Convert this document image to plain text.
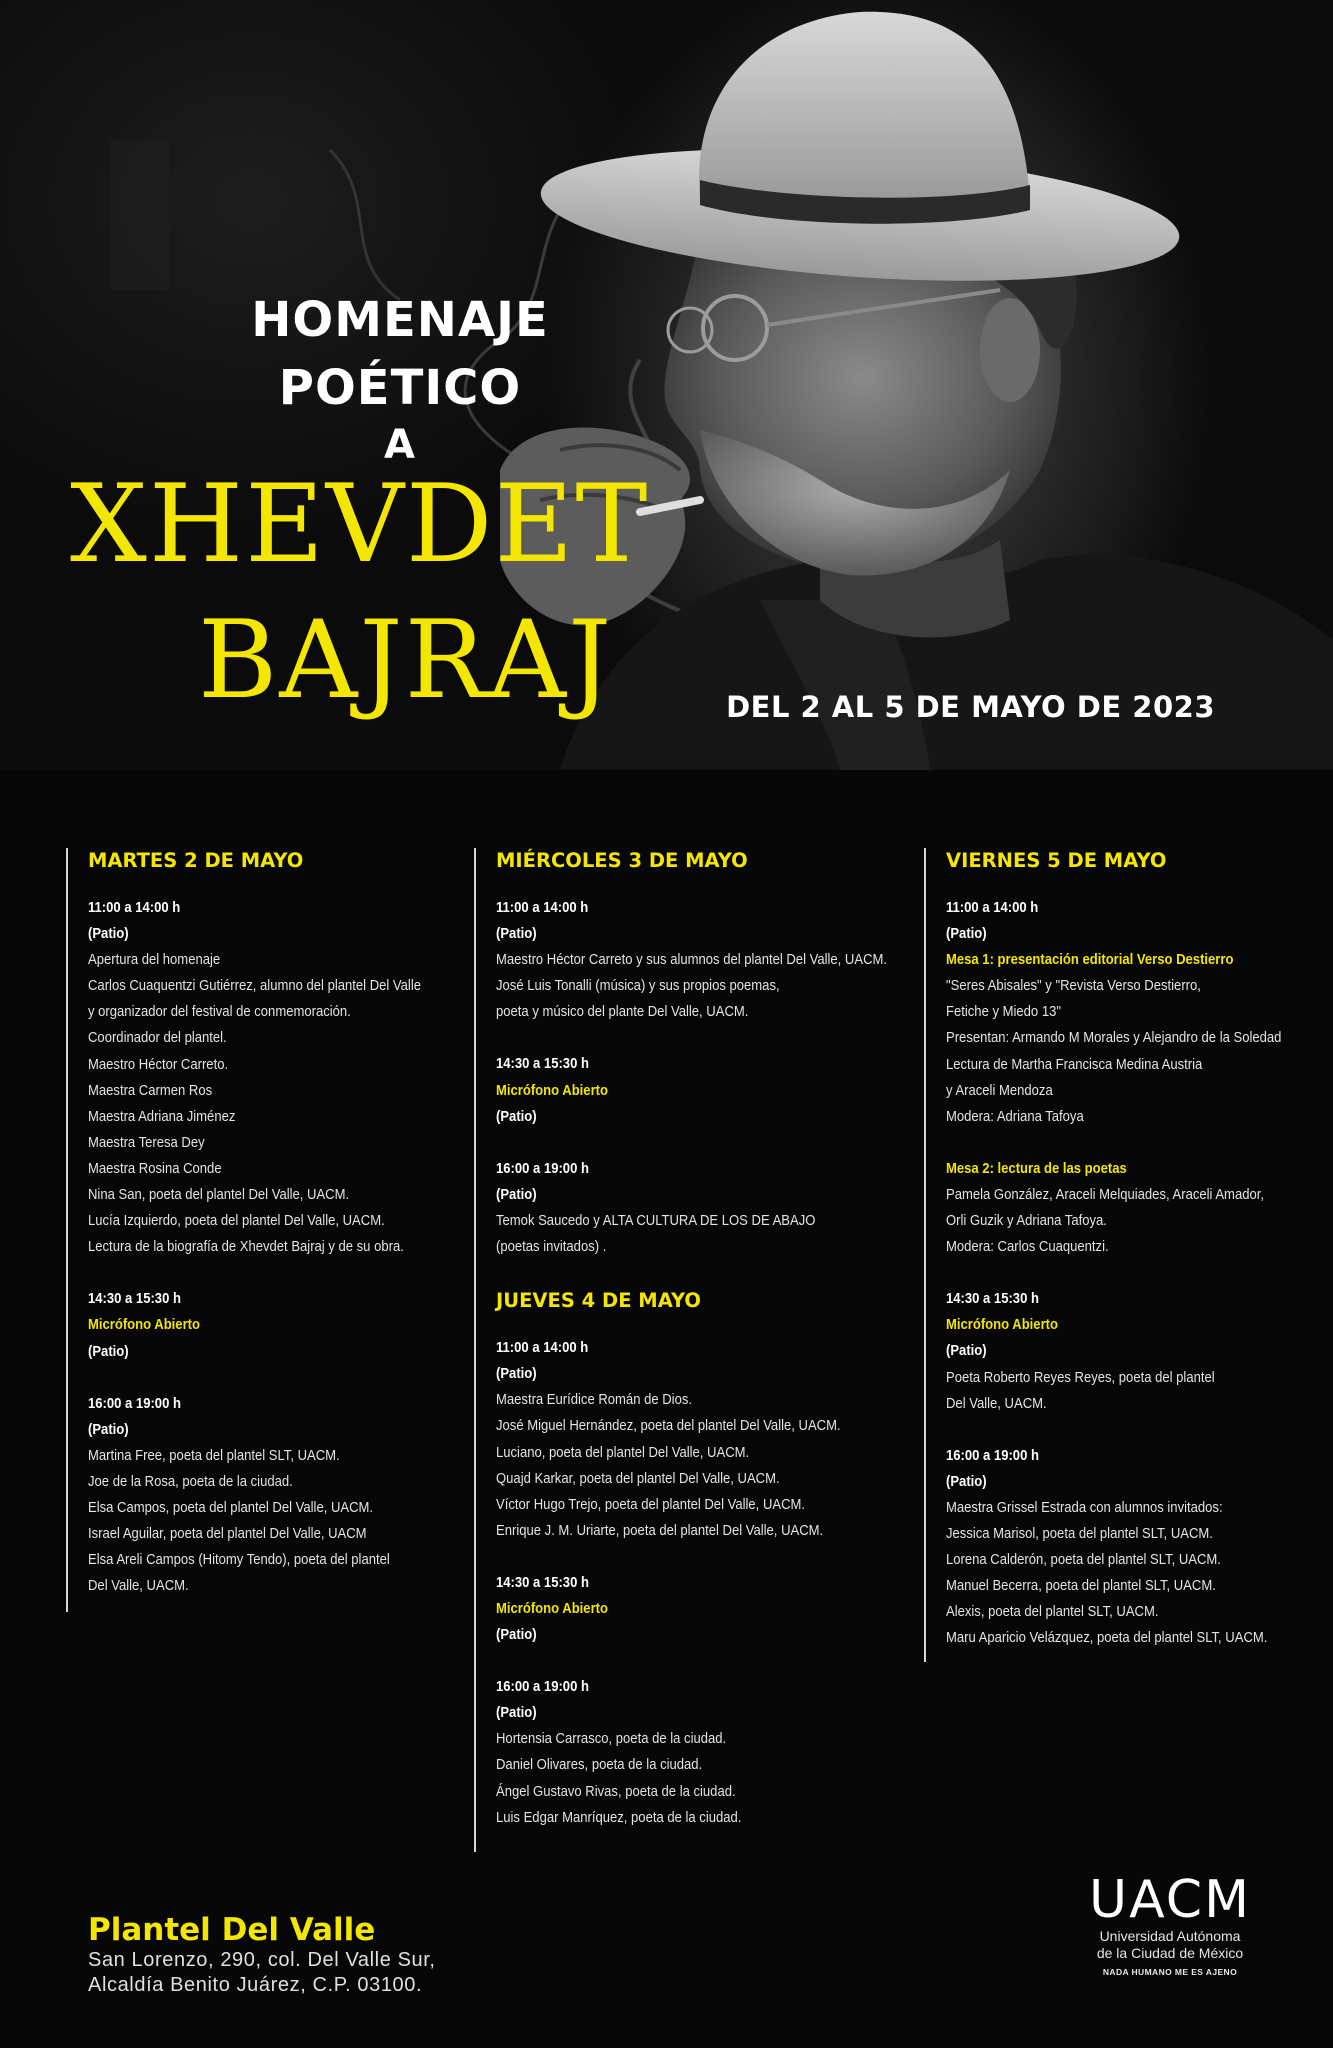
HOMENAJE
POÉTICO
A
XHEVDET
BAJRAJ	DEL 2 AL 5 DE MAYO DE 2023
MARTES 2 DE MAYO
11:00 a 14:00 h
(Patio)
Apertura del homenaje
Carlos Cuaquentzi Gutiérrez, alumno del plantel Del Valle
y organizador del festival de conmemoración.
Coordinador del plantel.
Maestro Héctor Carreto.
Maestra Carmen Ros
Maestra Adriana Jiménez
Maestra Teresa Dey
Maestra Rosina Conde
Nina San, poeta del plantel Del Valle, UACM.
Lucía Izquierdo, poeta del plantel Del Valle, UACM.
Lectura de la biografía de Xhevdet Bajraj y de su obra.
14:30 a 15:30 h
Micrófono Abierto
(Patio)
16:00 a 19:00 h
(Patio)
Martina Free, poeta del plantel SLT, UACM.
Joe de la Rosa, poeta de la ciudad.
Elsa Campos, poeta del plantel Del Valle, UACM.
Israel Aguilar, poeta del plantel Del Valle, UACM
Elsa Areli Campos (Hitomy Tendo), poeta del plantel
Del Valle, UACM.
MIÉRCOLES 3 DE MAYO
11:00 a 14:00 h
(Patio)
Maestro Héctor Carreto y sus alumnos del plantel Del Valle, UACM.
José Luis Tonalli (música) y sus propios poemas,
poeta y músico del plante Del Valle, UACM.
14:30 a 15:30 h
Micrófono Abierto
(Patio)
16:00 a 19:00 h
(Patio)
Temok Saucedo y ALTA CULTURA DE LOS DE ABAJO
(poetas invitados) .
JUEVES 4 DE MAYO
11:00 a 14:00 h
(Patio)
Maestra Eurídice Román de Dios.
José Miguel Hernández, poeta del plantel Del Valle, UACM.
Luciano, poeta del plantel Del Valle, UACM.
Quajd Karkar, poeta del plantel Del Valle, UACM.
Víctor Hugo Trejo, poeta del plantel Del Valle, UACM.
Enrique J. M. Uriarte, poeta del plantel Del Valle, UACM.
14:30 a 15:30 h
Micrófono Abierto
(Patio)
16:00 a 19:00 h
(Patio)
Hortensia Carrasco, poeta de la ciudad.
Daniel Olivares, poeta de la ciudad.
Ángel Gustavo Rivas, poeta de la ciudad.
Luis Edgar Manríquez, poeta de la ciudad.
VIERNES 5 DE MAYO
11:00 a 14:00 h
(Patio)
Mesa 1: presentación editorial Verso Destierro
"Seres Abisales" y "Revista Verso Destierro,
Fetiche y Miedo 13"
Presentan: Armando M Morales y Alejandro de la Soledad
Lectura de Martha Francisca Medina Austria
y Araceli Mendoza
Modera: Adriana Tafoya
Mesa 2: lectura de las poetas
Pamela González, Araceli Melquiades, Araceli Amador,
Orli Guzik y Adriana Tafoya.
Modera: Carlos Cuaquentzi.
14:30 a 15:30 h
Micrófono Abierto
(Patio)
Poeta Roberto Reyes Reyes, poeta del plantel
Del Valle, UACM.
16:00 a 19:00 h
(Patio)
Maestra Grissel Estrada con alumnos invitados:
Jessica Marisol, poeta del plantel SLT, UACM.
Lorena Calderón, poeta del plantel SLT, UACM.
Manuel Becerra, poeta del plantel SLT, UACM.
Alexis, poeta del plantel SLT, UACM.
Maru Aparicio Velázquez, poeta del plantel SLT, UACM.
Plantel Del Valle
San Lorenzo, 290, col. Del Valle Sur,
Alcaldía Benito Juárez, C.P. 03100.
UACM
Universidad Autónoma
de la Ciudad de México
NADA HUMANO ME ES AJENO
